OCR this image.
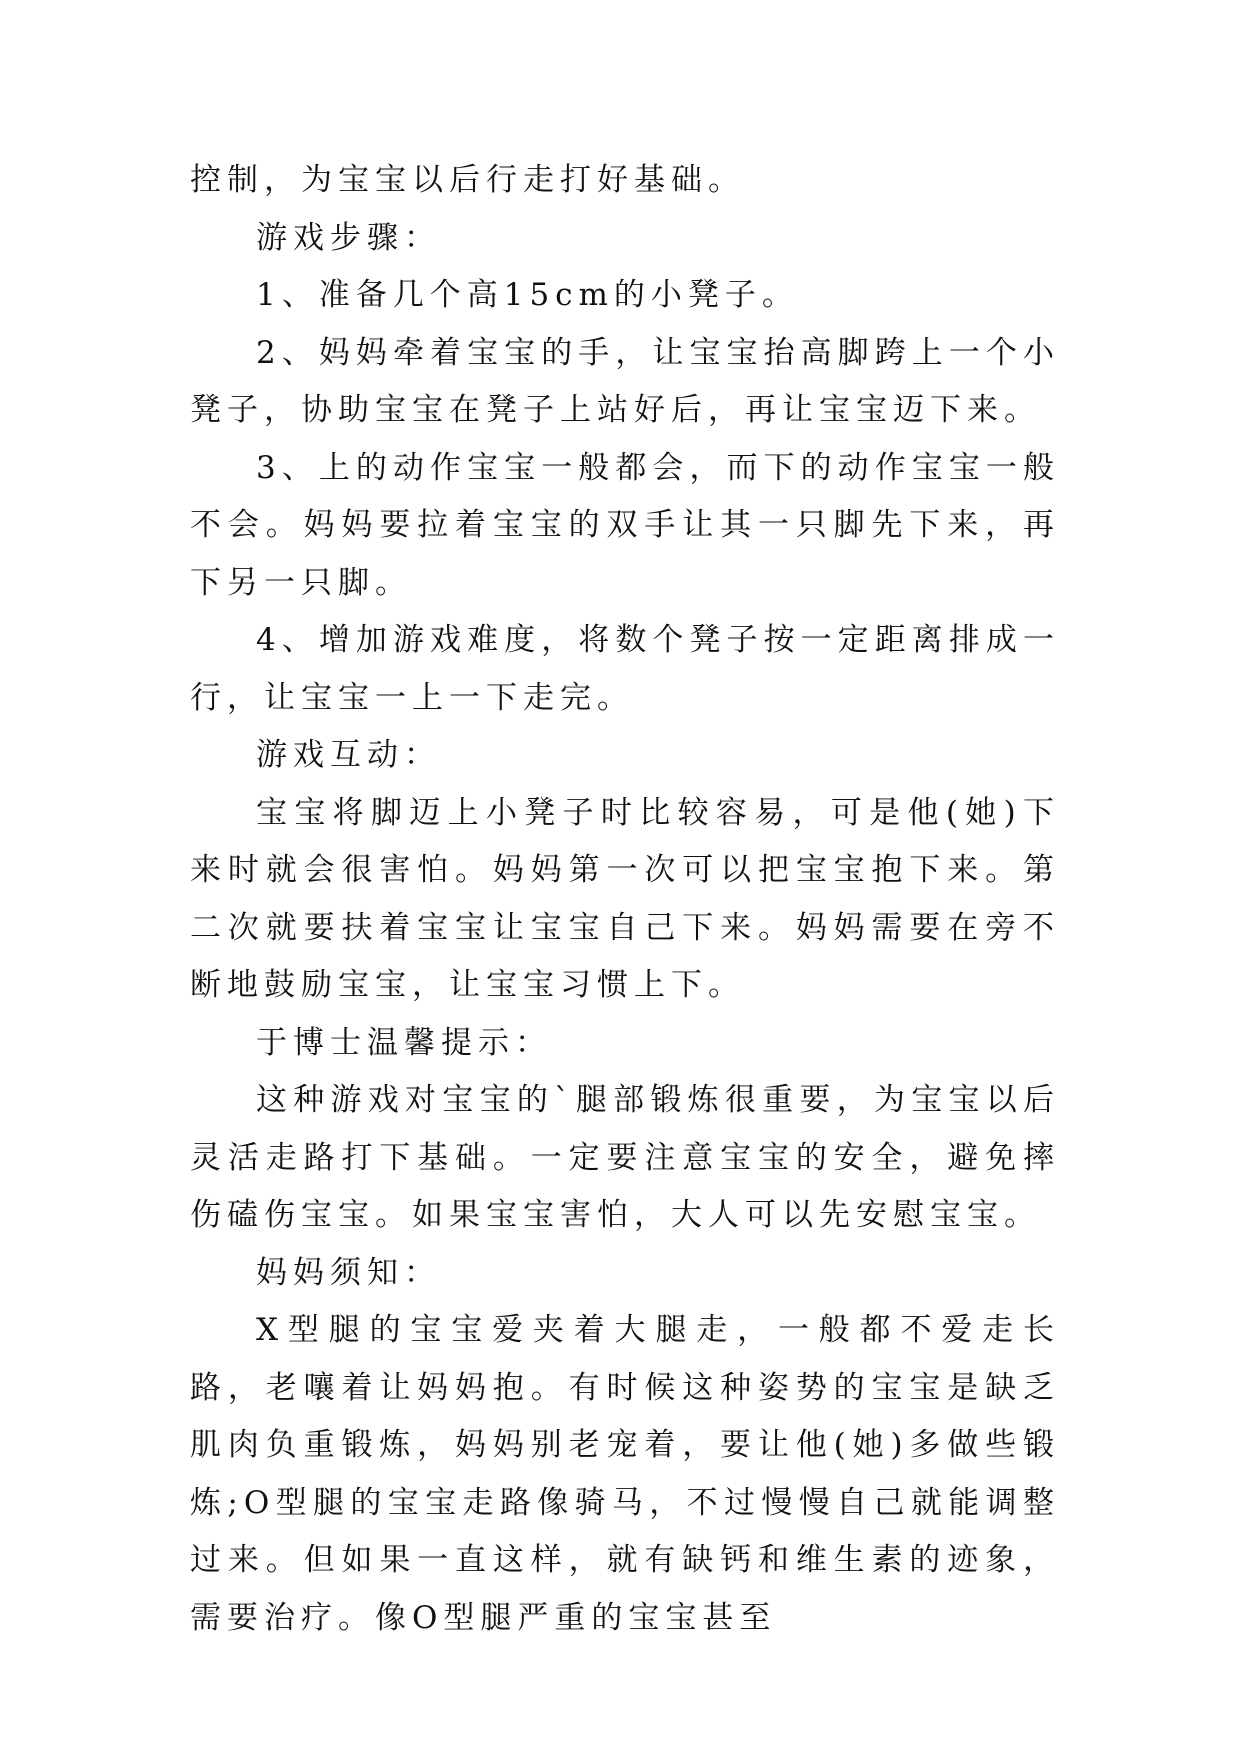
控制，为宝宝以后行走打好基础。

游戏步骤：

1、准备几个高15cm的小凳子。

2、妈妈牵着宝宝的手，让宝宝抬高脚跨上一个小凳子，协助宝宝在凳子上站好后，再让宝宝迈下来。

3、上的动作宝宝一般都会，而下的动作宝宝一般不会。妈妈要拉着宝宝的双手让其一只脚先下来，再下另一只脚。

4、增加游戏难度，将数个凳子按一定距离排成一行，让宝宝一上一下走完。

游戏互动：

宝宝将脚迈上小凳子时比较容易，可是他(她)下来时就会很害怕。妈妈第一次可以把宝宝抱下来。第二次就要扶着宝宝让宝宝自己下来。妈妈需要在旁不断地鼓励宝宝，让宝宝习惯上下。

于博士温馨提示：

这种游戏对宝宝的`腿部锻炼很重要，为宝宝以后灵活走路打下基础。一定要注意宝宝的安全，避免摔伤磕伤宝宝。如果宝宝害怕，大人可以先安慰宝宝。

妈妈须知：

X型腿的宝宝爱夹着大腿走，一般都不爱走长路，老嚷着让妈妈抱。有时候这种姿势的宝宝是缺乏肌肉负重锻炼，妈妈别老宠着，要让他(她)多做些锻炼;O型腿的宝宝走路像骑马，不过慢慢自己就能调整过来。但如果一直这样，就有缺钙和维生素的迹象，需要治疗。像O型腿严重的宝宝甚至
